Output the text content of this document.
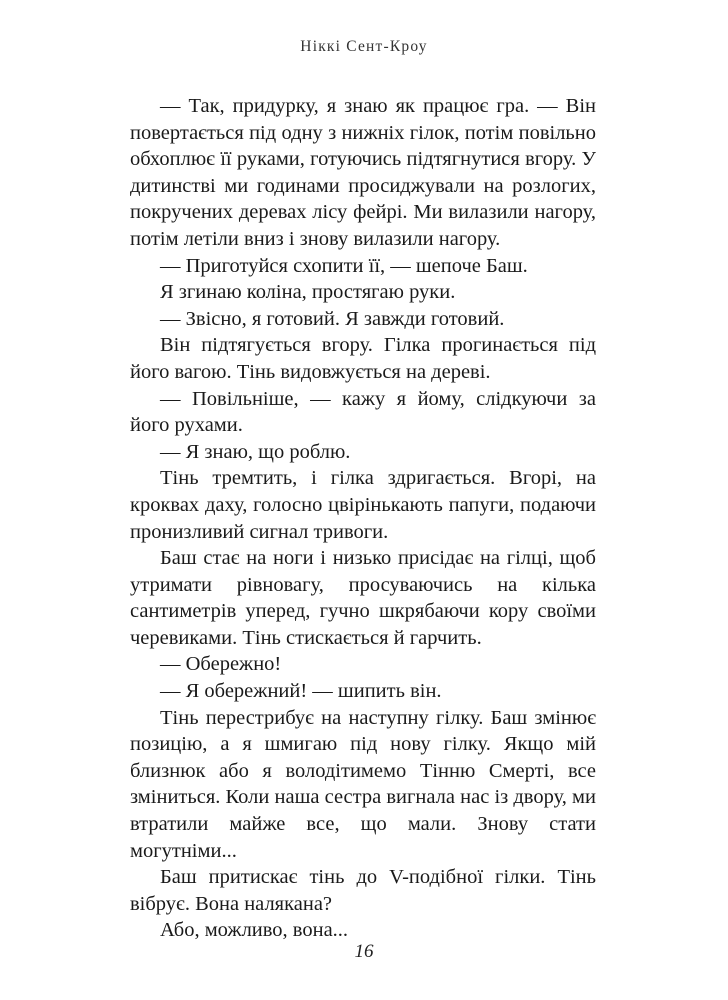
Ніккі Сент-Кроу

— Так, придурку, я знаю як працює гра. — Він повертається під одну з нижніх гілок, потім повільно обхоплює її руками, готуючись підтягнутися вгору. У дитинстві ми годинами просиджували на розлогих, покручених деревах лісу фейрі. Ми вилазили нагору, потім летіли вниз і знову вилазили нагору.

— Приготуйся схопити її, — шепоче Баш.

Я згинаю коліна, простягаю руки.

— Звісно, я готовий. Я завжди готовий.

Він підтягується вгору. Гілка прогинається під його вагою. Тінь видовжується на дереві.

— Повільніше, — кажу я йому, слідкуючи за його рухами.

— Я знаю, що роблю.

Тінь тремтить, і гілка здригається. Вгорі, на кроквах даху, голосно цвірінькають папуги, подаючи пронизливий сигнал тривоги.

Баш стає на ноги і низько присідає на гілці, щоб утримати рівновагу, просуваючись на кілька сантиметрів уперед, гучно шкрябаючи кору своїми черевиками. Тінь стискається й гарчить.

— Обережно!

— Я обережний! — шипить він.

Тінь перестрибує на наступну гілку. Баш змінює позицію, а я шмигаю під нову гілку. Якщо мій близнюк або я володітимемо Тінню Смерті, все зміниться. Коли наша сестра вигнала нас із двору, ми втратили майже все, що мали. Знову стати могутніми...

Баш притискає тінь до V-подібної гілки. Тінь вібрує. Вона налякана?

Або, можливо, вона...

16
